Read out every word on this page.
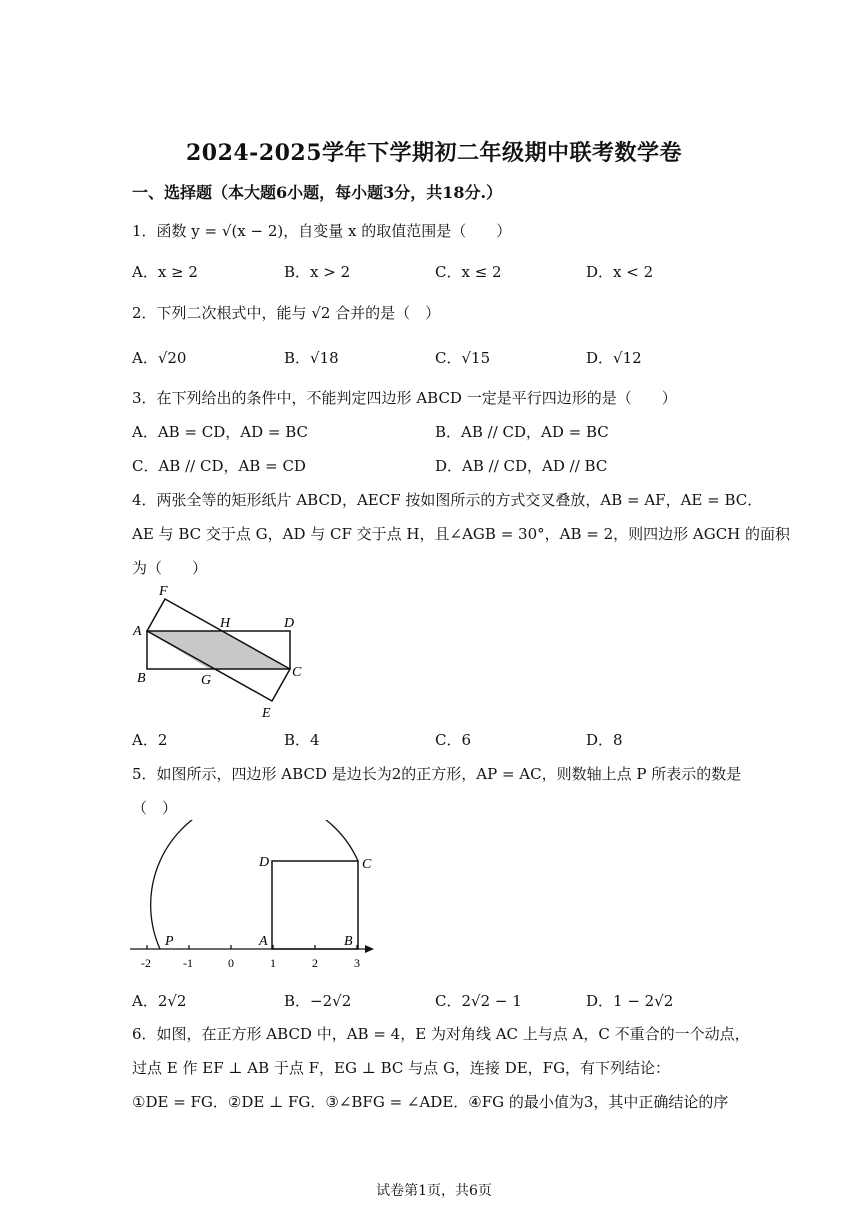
2024-2025学年下学期初二年级期中联考数学卷
一、选择题（本大题6小题，每小题3分，共18分.）
1．函数 y = √(x − 2)，自变量 x 的取值范围是（　　）
A．x ≥ 2	B．x > 2	C．x ≤ 2	D．x < 2
2．下列二次根式中，能与 √2 合并的是（　）
A．√20	B．√18	C．√15	D．√12
3．在下列给出的条件中，不能判定四边形 ABCD 一定是平行四边形的是（　　）
A．AB = CD，AD = BC	B．AB // CD，AD = BC
C．AB // CD，AB = CD	D．AB // CD，AD // BC
4．两张全等的矩形纸片 ABCD，AECF 按如图所示的方式交叉叠放，AB = AF，AE = BC．
AE 与 BC 交于点 G，AD 与 CF 交于点 H，且∠AGB = 30°，AB = 2，则四边形 AGCH 的面积
为（　　）
F
A
H	D
C
B	G
E
A．2	B．4	C．6	D．8
5．如图所示，四边形 ABCD 是边长为2的正方形，AP = AC，则数轴上点 P 所表示的数是
（　）
D	C
P	A	B
-2	-1	0	1	2	3
A．2√2	B．−2√2	C．2√2 − 1	D．1 − 2√2
6．如图，在正方形 ABCD 中，AB = 4，E 为对角线 AC 上与点 A，C 不重合的一个动点，
过点 E 作 EF ⊥ AB 于点 F，EG ⊥ BC 与点 G，连接 DE，FG，有下列结论：
①DE = FG．②DE ⊥ FG．③∠BFG = ∠ADE．④FG 的最小值为3，其中正确结论的序
试卷第1页，共6页
